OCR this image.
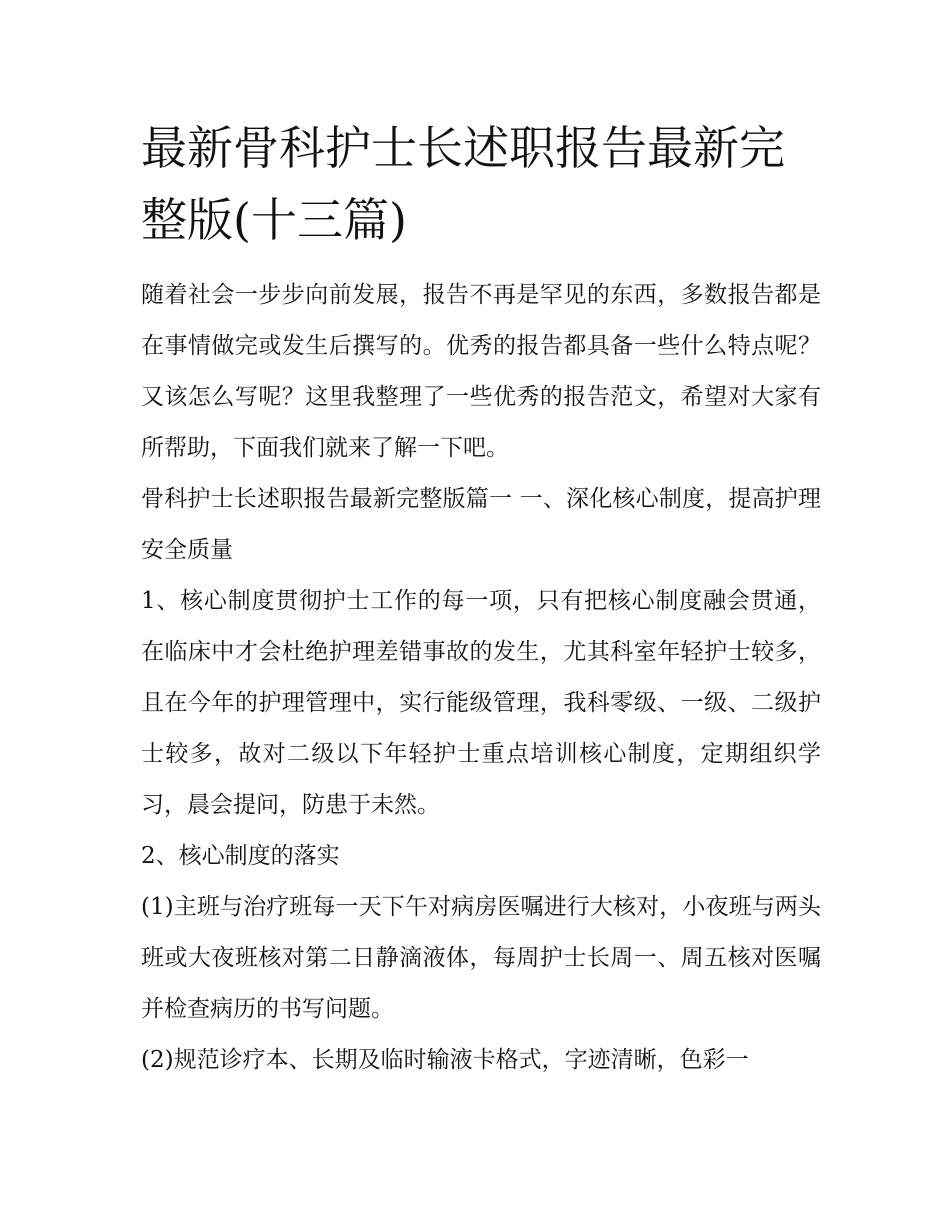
最新骨科护士长述职报告最新完整版(十三篇)

随着社会一步步向前发展，报告不再是罕见的东西，多数报告都是在事情做完或发生后撰写的。优秀的报告都具备一些什么特点呢？又该怎么写呢？这里我整理了一些优秀的报告范文，希望对大家有所帮助，下面我们就来了解一下吧。

骨科护士长述职报告最新完整版篇一 一、深化核心制度，提高护理安全质量

1、核心制度贯彻护士工作的每一项，只有把核心制度融会贯通，在临床中才会杜绝护理差错事故的发生，尤其科室年轻护士较多，且在今年的护理管理中，实行能级管理，我科零级、一级、二级护士较多，故对二级以下年轻护士重点培训核心制度，定期组织学习，晨会提问，防患于未然。

2、核心制度的落实

(1)主班与治疗班每一天下午对病房医嘱进行大核对，小夜班与两头班或大夜班核对第二日静滴液体，每周护士长周一、周五核对医嘱并检查病历的书写问题。

(2)规范诊疗本、长期及临时输液卡格式，字迹清晰，色彩一
